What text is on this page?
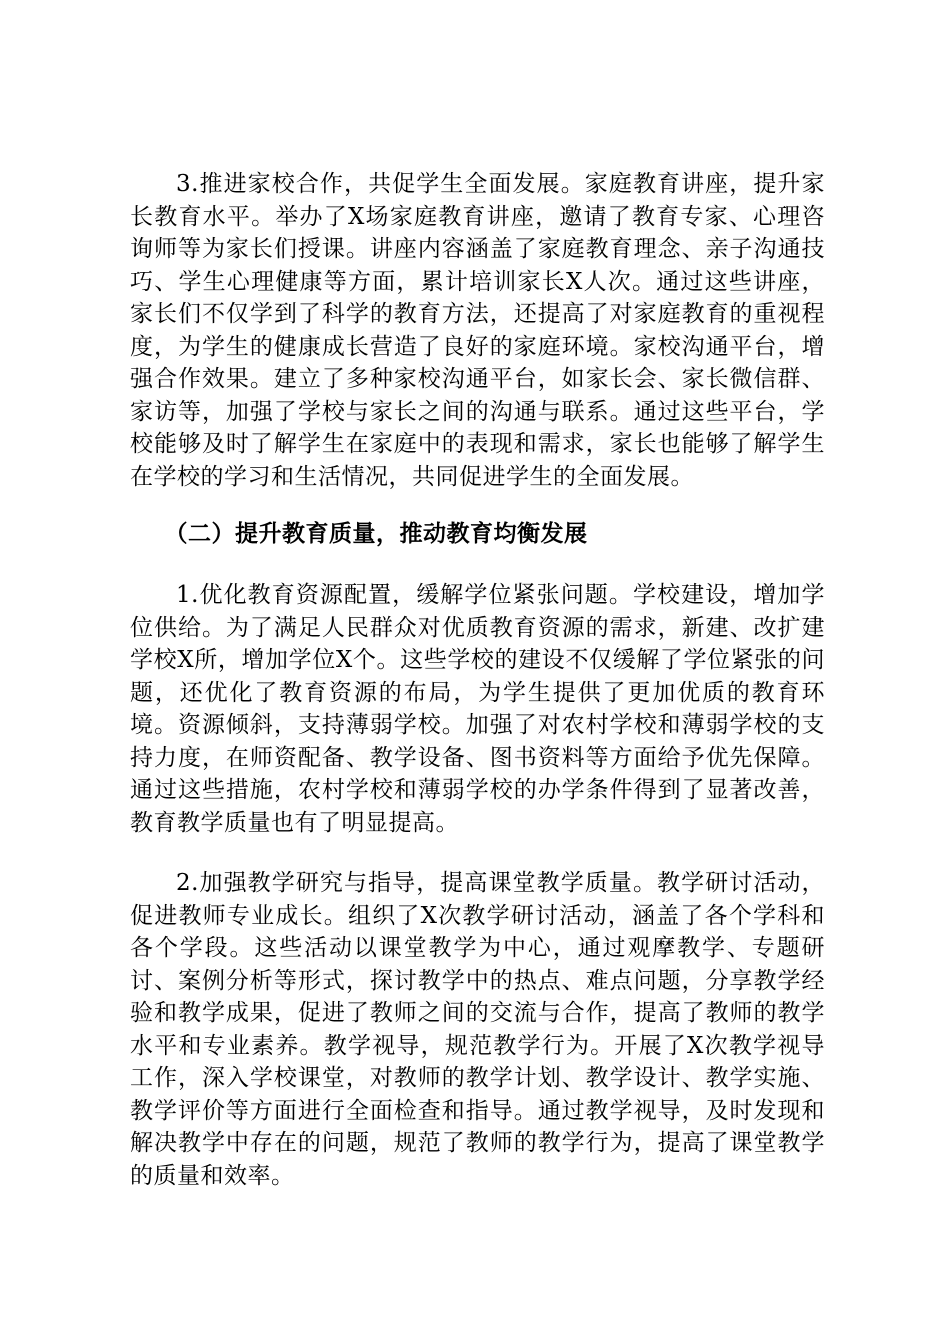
3.推进家校合作，共促学生全面发展。家庭教育讲座，提升家长教育水平。举办了X场家庭教育讲座，邀请了教育专家、心理咨询师等为家长们授课。讲座内容涵盖了家庭教育理念、亲子沟通技巧、学生心理健康等方面，累计培训家长X人次。通过这些讲座，家长们不仅学到了科学的教育方法，还提高了对家庭教育的重视程度，为学生的健康成长营造了良好的家庭环境。家校沟通平台，增强合作效果。建立了多种家校沟通平台，如家长会、家长微信群、家访等，加强了学校与家长之间的沟通与联系。通过这些平台，学校能够及时了解学生在家庭中的表现和需求，家长也能够了解学生在学校的学习和生活情况，共同促进学生的全面发展。

（二）提升教育质量，推动教育均衡发展

1.优化教育资源配置，缓解学位紧张问题。学校建设，增加学位供给。为了满足人民群众对优质教育资源的需求，新建、改扩建学校X所，增加学位X个。这些学校的建设不仅缓解了学位紧张的问题，还优化了教育资源的布局，为学生提供了更加优质的教育环境。资源倾斜，支持薄弱学校。加强了对农村学校和薄弱学校的支持力度，在师资配备、教学设备、图书资料等方面给予优先保障。通过这些措施，农村学校和薄弱学校的办学条件得到了显著改善，教育教学质量也有了明显提高。

2.加强教学研究与指导，提高课堂教学质量。教学研讨活动，促进教师专业成长。组织了X次教学研讨活动，涵盖了各个学科和各个学段。这些活动以课堂教学为中心，通过观摩教学、专题研讨、案例分析等形式，探讨教学中的热点、难点问题，分享教学经验和教学成果，促进了教师之间的交流与合作，提高了教师的教学水平和专业素养。教学视导，规范教学行为。开展了X次教学视导工作，深入学校课堂，对教师的教学计划、教学设计、教学实施、教学评价等方面进行全面检查和指导。通过教学视导，及时发现和解决教学中存在的问题，规范了教师的教学行为，提高了课堂教学的质量和效率。
